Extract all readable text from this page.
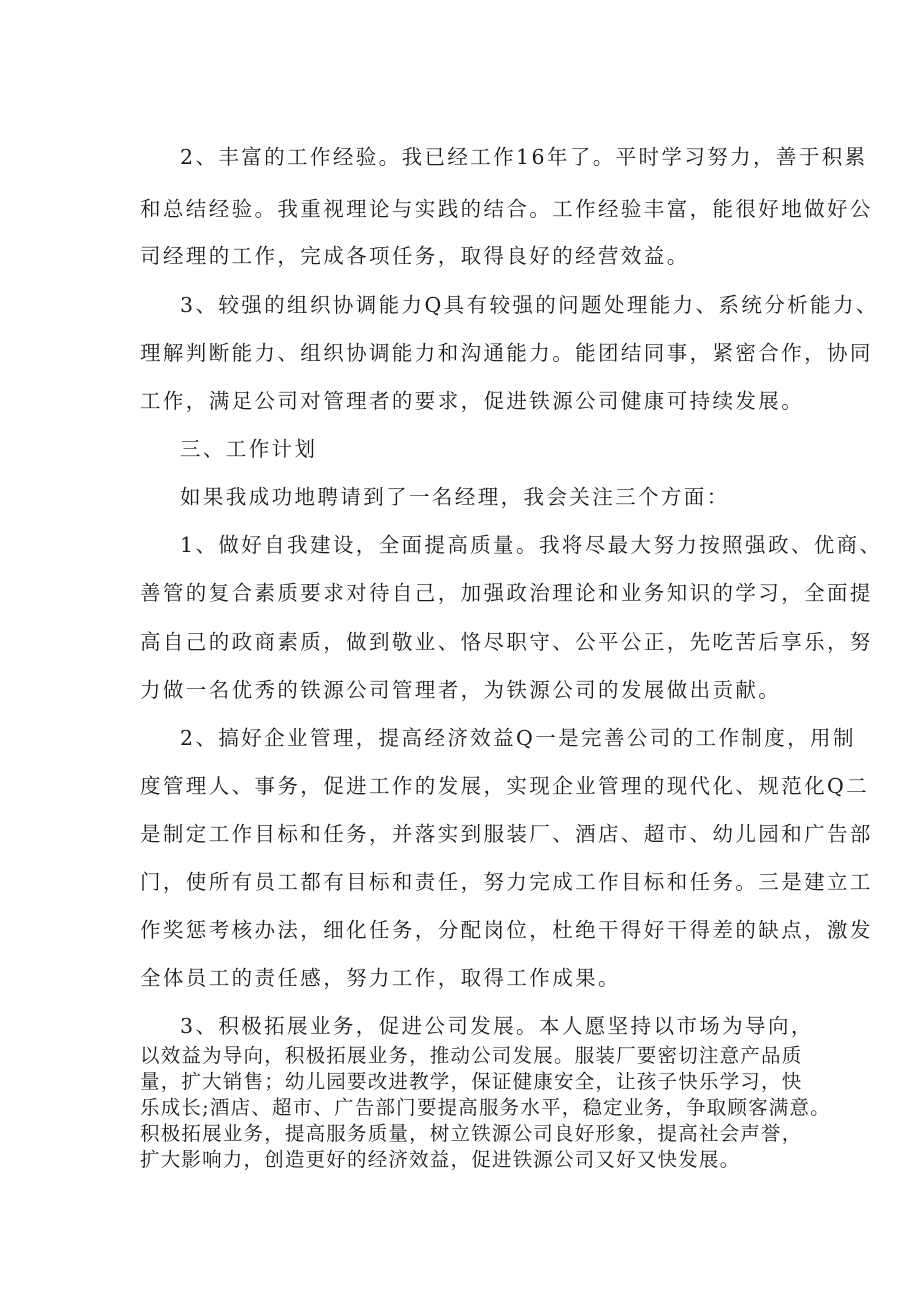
2、丰富的工作经验。我已经工作16年了。平时学习努力，善于积累
和总结经验。我重视理论与实践的结合。工作经验丰富，能很好地做好公
司经理的工作，完成各项任务，取得良好的经营效益。
3、较强的组织协调能力Q具有较强的问题处理能力、系统分析能力、
理解判断能力、组织协调能力和沟通能力。能团结同事，紧密合作，协同
工作，满足公司对管理者的要求，促进铁源公司健康可持续发展。
三、工作计划
如果我成功地聘请到了一名经理，我会关注三个方面：
1、做好自我建设，全面提高质量。我将尽最大努力按照强政、优商、
善管的复合素质要求对待自己，加强政治理论和业务知识的学习，全面提
高自己的政商素质，做到敬业、恪尽职守、公平公正，先吃苦后享乐，努
力做一名优秀的铁源公司管理者，为铁源公司的发展做出贡献。
2、搞好企业管理，提高经济效益Q一是完善公司的工作制度，用制
度管理人、事务，促进工作的发展，实现企业管理的现代化、规范化Q二
是制定工作目标和任务，并落实到服装厂、酒店、超市、幼儿园和广告部
门，使所有员工都有目标和责任，努力完成工作目标和任务。三是建立工
作奖惩考核办法，细化任务，分配岗位，杜绝干得好干得差的缺点，激发
全体员工的责任感，努力工作，取得工作成果。
3、积极拓展业务，促进公司发展。本人愿坚持以市场为导向，
以效益为导向，积极拓展业务，推动公司发展。服装厂要密切注意产品质
量，扩大销售；幼儿园要改进教学，保证健康安全，让孩子快乐学习，快
乐成长;酒店、超市、广告部门要提高服务水平，稳定业务，争取顾客满意。
积极拓展业务，提高服务质量，树立铁源公司良好形象，提高社会声誉，
扩大影响力，创造更好的经济效益，促进铁源公司又好又快发展。
